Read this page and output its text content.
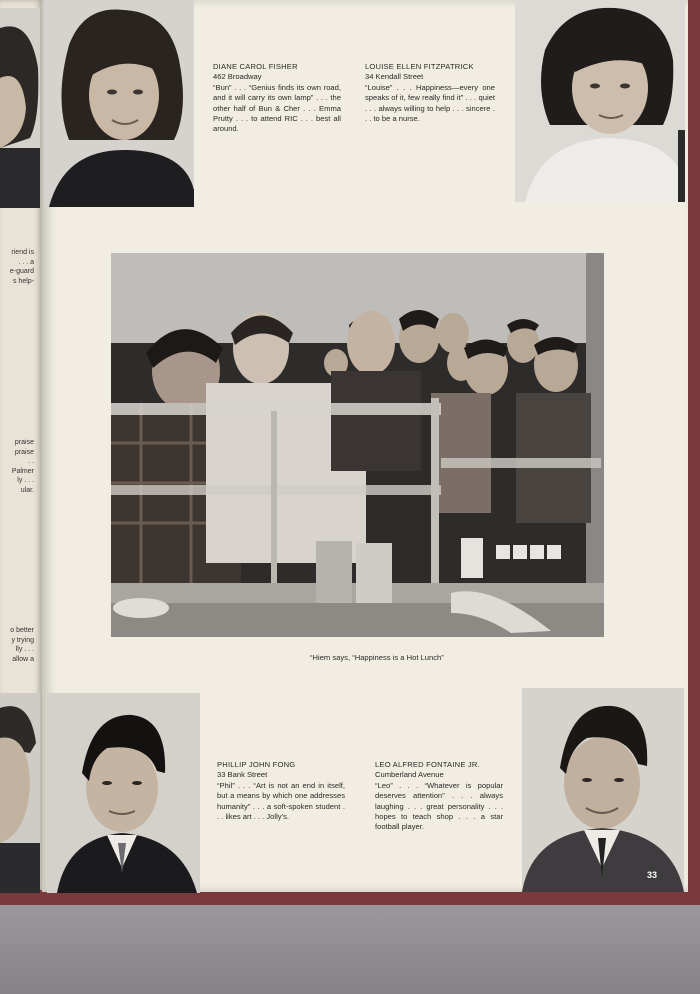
riend is
. . . a
e-guard
s help-
praise
praise
. .
Palmer
ly . . .
ular.
o better
y trying
lly . . .
allow a
DIANE CAROL FISHER
462 Broadway
“Bun” . . . “Genius finds its own road, and it will carry its own lamp” . . . the other half of Bun & Cher . . . Emma Prutty . . . to attend RIC . . . best all around.
LOUISE ELLEN FITZPATRICK
34 Kendall Street
“Louise” . . . Happiness—every one speaks of it, few really find it” . . . quiet . . . always willing to help . . . sincere . . . to be a nurse.
“Hiem says, “Happiness is a Hot Lunch”
PHILLIP JOHN FONG
33 Bank Street
“Phil” . . . “Art is not an end in itself, but a means by which one addresses humanity” . . . a soft-spoken student . . . likes art . . . Jolly’s.
LEO ALFRED FONTAINE JR.
Cumberland Avenue
“Leo” . . . “Whatever is popular deserves attention” . . . always laughing . . . great personality . . . hopes to teach shop . . . a star football player.
33
